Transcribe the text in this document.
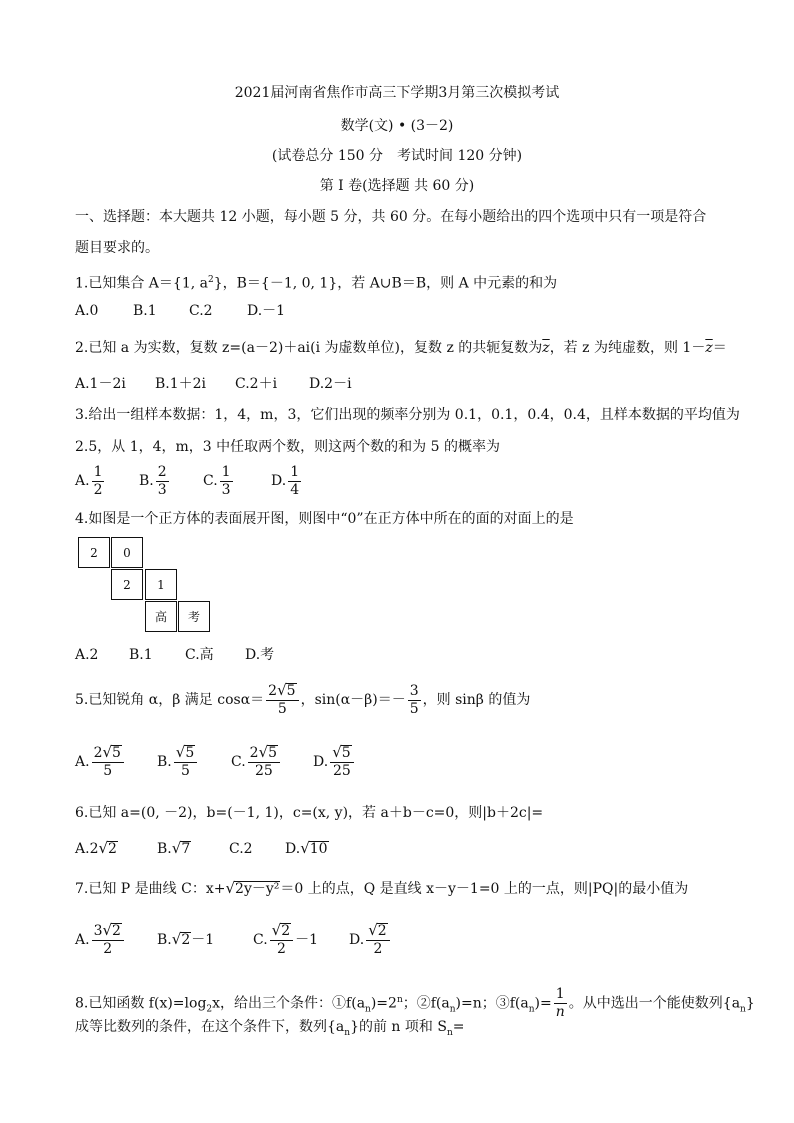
2021届河南省焦作市高三下学期3月第三次模拟考试
数学(文) • (3－2)
(试卷总分 150 分　考试时间 120 分钟)
第 I 卷(选择题 共 60 分)
一、选择题：本大题共 12 小题，每小题 5 分，共 60 分。在每小题给出的四个选项中只有一项是符合
题目要求的。
1.已知集合 A＝{1, $a^2$}，B＝{－1, 0, 1}，若 A∪B＝B，则 A 中元素的和为
A.0 B.1 C.2 D.－1
2.已知 a 为实数，复数 z=(a－2)＋ai(i 为虚数单位)，复数 z 的共轭复数为$\overline{z}$，若 z 为纯虚数，则 $1-\overline{z}=$
A.1－2i B.1＋2i C.2＋i D.2－i
3.给出一组样本数据：1，4，m，3，它们出现的频率分别为 0.1，0.1，0.4，0.4，且样本数据的平均值为
2.5，从 1，4，m，3 中任取两个数，则这两个数的和为 5 的概率为
A. $\frac{1}{2} B$. $\frac{2}{3} C$. $\frac{1}{3}$	D. $\frac{1}{4}$
4.如图是一个正方体的表面展开图，则图中“0”在正方体中所在的面的对面上的是
2	0
2	1
高	考
A.2 B.1 C.高 D.考
5.已知锐角 α，β 满足 $\cos\alpha= \frac{2√5}{5}$ ，$\sin(\alpha-\beta)=- \frac{3}{5}$ ，则 sinβ 的值为
A. $\frac{2√5}{5} B$. $\frac{√5}{5} C$. $\frac{2√5}{25} D$. $\frac{√5}{25}$
6.已知 a=(0, －2)，b=(－1, 1)，c=(x, y)，若 a＋b－c=0，则|b＋2c|=
A.2√2	B.√7	C.2 D.√10
7.已知 P 是曲线 C：x+√2y－y²＝0 上的点，Q 是直线 x－y－1=0 上的一点，则|PQ|的最小值为
A. $\frac{3√2}{2} B.√2-1$	C. $\frac{√2}{2} -1$ D. $\frac{√2}{2}$
8.已知函数 $f(x)=\log_2x$，给出三个条件：$①f(a_n)=2^n$；$②f(a_n)=n$；$③f(a_n)= \frac{1}{n}$ 。从中选出一个能使数列$\{a_n\}$
成等比数列的条件，在这个条件下，数列$\{a_n\}$的前 n 项和 $S_n=$
